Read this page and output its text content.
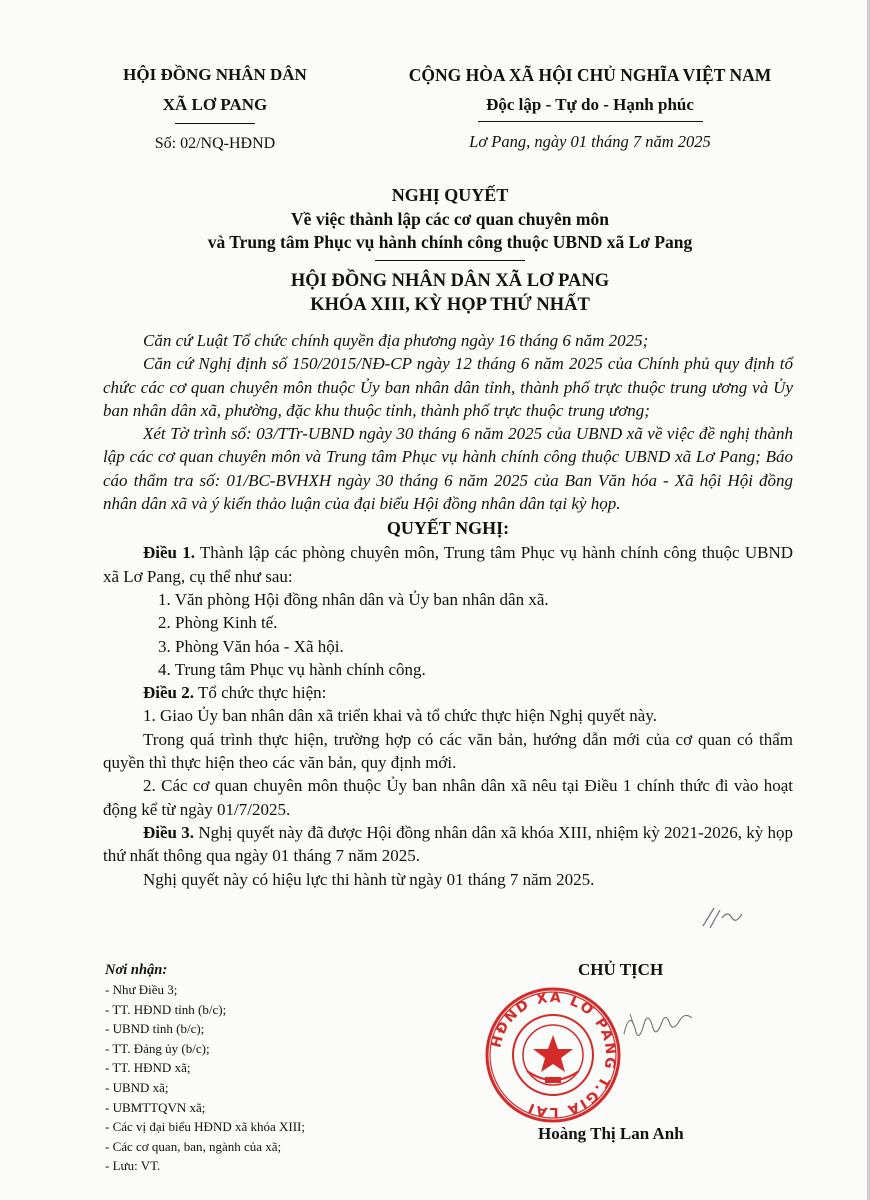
HỘI ĐỒNG NHÂN DÂN
XÃ LƠ PANG
Số: 02/NQ-HĐND
CỘNG HÒA XÃ HỘI CHỦ NGHĨA VIỆT NAM
Độc lập - Tự do - Hạnh phúc
Lơ Pang, ngày 01 tháng 7 năm 2025
NGHỊ QUYẾT
Về việc thành lập các cơ quan chuyên môn
và Trung tâm Phục vụ hành chính công thuộc UBND xã Lơ Pang
HỘI ĐỒNG NHÂN DÂN XÃ LƠ PANG
KHÓA XIII, KỲ HỌP THỨ NHẤT

Căn cứ Luật Tổ chức chính quyền địa phương ngày 16 tháng 6 năm 2025;

Căn cứ Nghị định số 150/2015/NĐ-CP ngày 12 tháng 6 năm 2025 của Chính phủ quy định tổ chức các cơ quan chuyên môn thuộc Ủy ban nhân dân tỉnh, thành phố trực thuộc trung ương và Ủy ban nhân dân xã, phường, đặc khu thuộc tỉnh, thành phố trực thuộc trung ương;

Xét Tờ trình số: 03/TTr-UBND ngày 30 tháng 6 năm 2025 của UBND xã về việc đề nghị thành lập các cơ quan chuyên môn và Trung tâm Phục vụ hành chính công thuộc UBND xã Lơ Pang; Báo cáo thẩm tra số: 01/BC-BVHXH ngày 30 tháng 6 năm 2025 của Ban Văn hóa - Xã hội Hội đồng nhân dân xã và ý kiến thảo luận của đại biểu Hội đồng nhân dân tại kỳ họp.

QUYẾT NGHỊ:

Điều 1. Thành lập các phòng chuyên môn, Trung tâm Phục vụ hành chính công thuộc UBND xã Lơ Pang, cụ thể như sau:

1. Văn phòng Hội đồng nhân dân và Ủy ban nhân dân xã.

2. Phòng Kinh tế.

3. Phòng Văn hóa - Xã hội.

4. Trung tâm Phục vụ hành chính công.

Điều 2. Tổ chức thực hiện:

1. Giao Ủy ban nhân dân xã triển khai và tổ chức thực hiện Nghị quyết này.

Trong quá trình thực hiện, trường hợp có các văn bản, hướng dẫn mới của cơ quan có thẩm quyền thì thực hiện theo các văn bản, quy định mới.

2. Các cơ quan chuyên môn thuộc Ủy ban nhân dân xã nêu tại Điều 1 chính thức đi vào hoạt động kể từ ngày 01/7/2025.

Điều 3. Nghị quyết này đã được Hội đồng nhân dân xã khóa XIII, nhiệm kỳ 2021-2026, kỳ họp thứ nhất thông qua ngày 01 tháng 7 năm 2025.

Nghị quyết này có hiệu lực thi hành từ ngày 01 tháng 7 năm 2025.

Nơi nhận:
- Như Điều 3;
- TT. HĐND tỉnh (b/c);
- UBND tỉnh (b/c);
- TT. Đảng ủy (b/c);
- TT. HĐND xã;
- UBND xã;
- UBMTTQVN xã;
- Các vị đại biểu HĐND xã khóa XIII;
- Các cơ quan, ban, ngành của xã;
- Lưu: VT.
CHỦ TỊCH
HĐND XÃ LƠ PANG T.GIA LAI
Hoàng Thị Lan Anh
